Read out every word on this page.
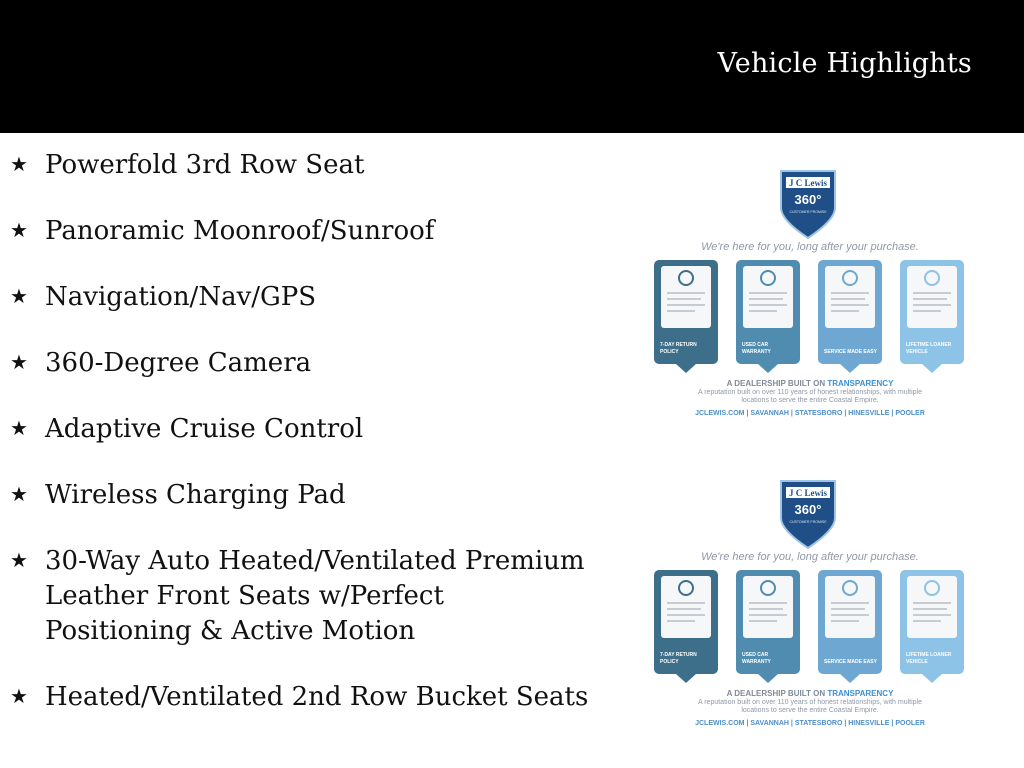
Vehicle Highlights
★ Powerfold 3rd Row Seat
★ Panoramic Moonroof/Sunroof
★ Navigation/Nav/GPS
★ 360-Degree Camera
★ Adaptive Cruise Control
★ Wireless Charging Pad
★ 30-Way Auto Heated/Ventilated Premium Leather Front Seats w/Perfect Positioning & Active Motion
★ Heated/Ventilated 2nd Row Bucket Seats
J C Lewis
360°
CUSTOMER PROMISE
We're here for you, long after your purchase.
7-DAY RETURN POLICY
USED CAR WARRANTY	SERVICE MADE EASY
LIFETIME LOANER VEHICLE
A DEALERSHIP BUILT ON TRANSPARENCY
A reputation built on over 110 years of honest relationships, with multiple locations to serve the entire Coastal Empire.
JCLEWIS.COM | SAVANNAH | STATESBORO | HINESVILLE | POOLER
J C Lewis
360°
CUSTOMER PROMISE
We're here for you, long after your purchase.
7-DAY RETURN POLICY
USED CAR WARRANTY	SERVICE MADE EASY
LIFETIME LOANER VEHICLE
A DEALERSHIP BUILT ON TRANSPARENCY
A reputation built on over 110 years of honest relationships, with multiple locations to serve the entire Coastal Empire.
JCLEWIS.COM | SAVANNAH | STATESBORO | HINESVILLE | POOLER
